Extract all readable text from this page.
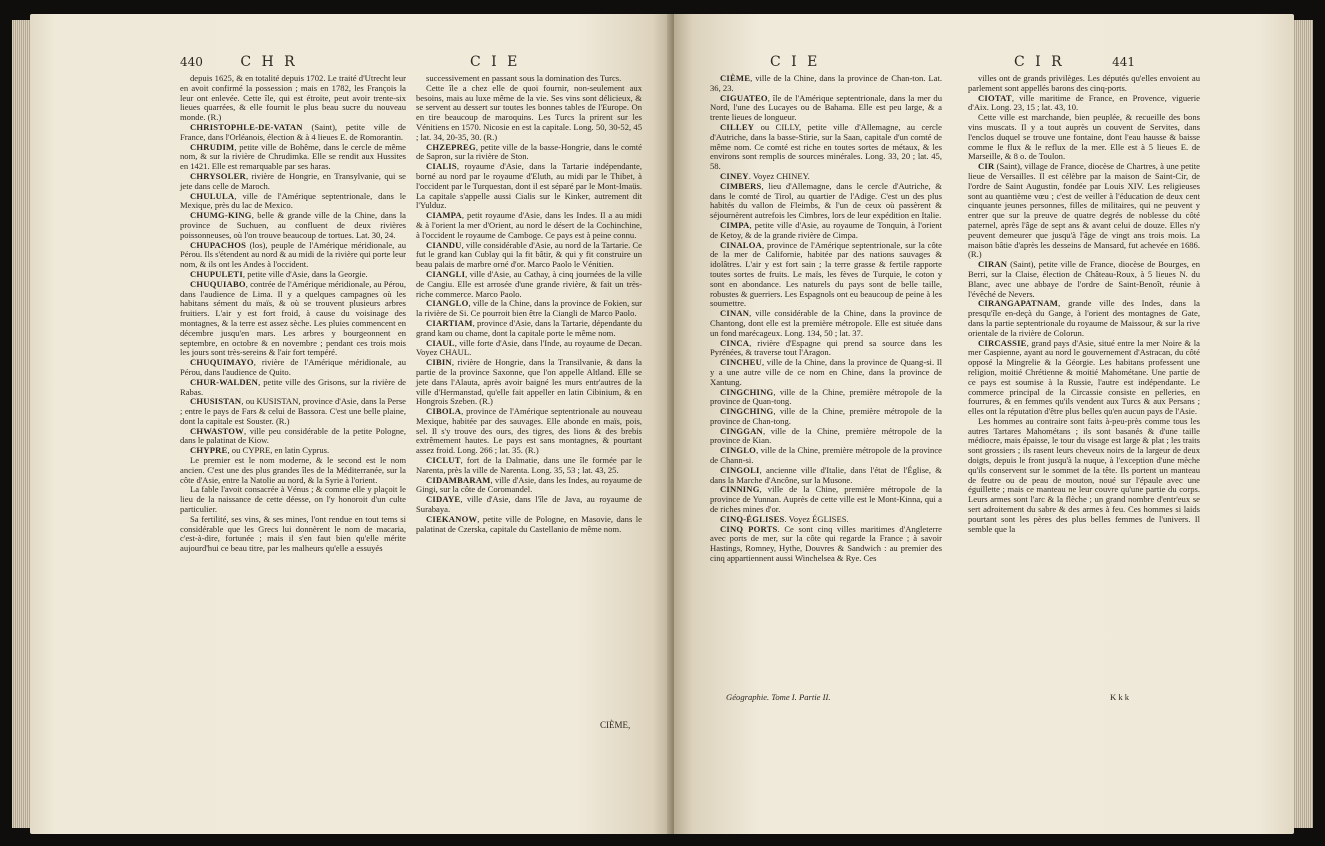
440	C H R	C I E

depuis 1625, & en totalité depuis 1702. Le traité d'Utrecht leur en avoit confirmé la possession ; mais en 1782, les François la leur ont enlevée. Cette île, qui est étroite, peut avoir trente-six lieues quarrées, & elle fournit le plus beau sucre du nouveau monde. (R.)

CHRISTOPHLE-DE-VATAN (Saint), petite ville de France, dans l'Orléanois, élection & à 4 lieues E. de Romorantin.

CHRUDIM, petite ville de Bohême, dans le cercle de même nom, & sur la rivière de Chrudimka. Elle se rendit aux Hussites en 1421. Elle est remarquable par ses haras.

CHRYSOLER, rivière de Hongrie, en Transylvanie, qui se jete dans celle de Maroch.

CHULULA, ville de l'Amérique septentrionale, dans le Mexique, près du lac de Mexico.

CHUMG-KING, belle & grande ville de la Chine, dans la province de Suchuen, au confluent de deux rivières poissonneuses, où l'on trouve beaucoup de tortues. Lat. 30, 24.

CHUPACHOS (los), peuple de l'Amérique méridionale, au Pérou. Ils s'étendent au nord & au midi de la rivière qui porte leur nom, & ils ont les Andes à l'occident.

CHUPULETI, petite ville d'Asie, dans la Georgie.

CHUQUIABO, contrée de l'Amérique méridionale, au Pérou, dans l'audience de Lima. Il y a quelques campagnes où les habitans sément du maïs, & où se trouvent plusieurs arbres fruitiers. L'air y est fort froid, à cause du voisinage des montagnes, & la terre est assez sèche. Les pluies commencent en décembre jusqu'en mars. Les arbres y bourgeonnent en septembre, en octobre & en novembre ; pendant ces trois mois les jours sont très-sereins & l'air fort tempéré.

CHUQUIMAYO, rivière de l'Amérique méridionale, au Pérou, dans l'audience de Quito.

CHUR-WALDEN, petite ville des Grisons, sur la rivière de Rabas.

CHUSISTAN, ou KUSISTAN, province d'Asie, dans la Perse ; entre le pays de Fars & celui de Bassora. C'est une belle plaine, dont la capitale est Souster. (R.)

CHWASTOW, ville peu considérable de la petite Pologne, dans le palatinat de Kiow.

CHYPRE, ou CYPRE, en latin Cyprus.

Le premier est le nom moderne, & le second est le nom ancien. C'est une des plus grandes îles de la Méditerranée, sur la côte d'Asie, entre la Natolie au nord, & la Syrie à l'orient.

La fable l'avoit consacrée à Vénus ; & comme elle y plaçoit le lieu de la naissance de cette déesse, on l'y honoroit d'un culte particulier.

Sa fertilité, ses vins, & ses mines, l'ont rendue en tout tems si considérable que les Grecs lui donnèrent le nom de macaria, c'est-à-dire, fortunée ; mais il s'en faut bien qu'elle mérite aujourd'hui ce beau titre, par les malheurs qu'elle a essuyés

successivement en passant sous la domination des Turcs.

Cette île a chez elle de quoi fournir, non-seulement aux besoins, mais au luxe même de la vie. Ses vins sont délicieux, & se servent au dessert sur toutes les bonnes tables de l'Europe. On en tire beaucoup de maroquins. Les Turcs la prirent sur les Vénitiens en 1570. Nicosie en est la capitale. Long. 50, 30-52, 45 ; lat. 34, 20-35, 30. (R.)

CHZEPREG, petite ville de la basse-Hongrie, dans le comté de Sapron, sur la rivière de Ston.

CIALIS, royaume d'Asie, dans la Tartarie indépendante, borné au nord par le royaume d'Eluth, au midi par le Thibet, à l'occident par le Turquestan, dont il est séparé par le Mont-Imaüs. La capitale s'appelle aussi Cialis sur le Kinker, autrement dit l'Yulduz.

CIAMPA, petit royaume d'Asie, dans les Indes. Il a au midi & à l'orient la mer d'Orient, au nord le désert de la Cochinchine, à l'occident le royaume de Camboge. Ce pays est à peine connu.

CIANDU, ville considérable d'Asie, au nord de la Tartarie. Ce fut le grand kan Cublay qui la fit bâtir, & qui y fit construire un beau palais de marbre orné d'or. Marco Paolo le Vénitien.

CIANGLI, ville d'Asie, au Cathay, à cinq journées de la ville de Cangiu. Elle est arrosée d'une grande rivière, & fait un très-riche commerce. Marco Paolo.

CIANGLO, ville de la Chine, dans la province de Fokien, sur la rivière de Si. Ce pourroit bien être la Ciangli de Marco Paolo.

CIARTIAM, province d'Asie, dans la Tartarie, dépendante du grand kam ou chame, dont la capitale porte le même nom.

CIAUL, ville forte d'Asie, dans l'Inde, au royaume de Decan. Voyez CHAUL.

CIBIN, rivière de Hongrie, dans la Transilvanie, & dans la partie de la province Saxonne, que l'on appelle Altland. Elle se jete dans l'Alauta, après avoir baigné les murs entr'autres de la ville d'Hermanstad, qu'elle fait appeller en latin Cibinium, & en Hongrois Szeben. (R.)

CIBOLA, province de l'Amérique septentrionale au nouveau Mexique, habitée par des sauvages. Elle abonde en maïs, pois, sel. Il s'y trouve des ours, des tigres, des lions & des brebis extrêmement hautes. Le pays est sans montagnes, & pourtant assez froid. Long. 266 ; lat. 35. (R.)

CICLUT, fort de la Dalmatie, dans une île formée par le Narenta, près la ville de Narenta. Long. 35, 53 ; lat. 43, 25.

CIDAMBARAM, ville d'Asie, dans les Indes, au royaume de Gingi, sur la côte de Coromandel.

CIDAYE, ville d'Asie, dans l'île de Java, au royaume de Surabaya.

CIEKANOW, petite ville de Pologne, en Masovie, dans le palatinat de Czerska, capitale du Castellanio de même nom.

CIÈME,
C I E	C I R	441

CIÈME, ville de la Chine, dans la province de Chan-ton. Lat. 36, 23.

CIGUATEO, île de l'Amérique septentrionale, dans la mer du Nord, l'une des Lucayes ou de Bahama. Elle est peu large, & a trente lieues de longueur.

CILLEY ou CILLY, petite ville d'Allemagne, au cercle d'Autriche, dans la basse-Stirie, sur la Saan, capitale d'un comté de même nom. Ce comté est riche en toutes sortes de métaux, & les environs sont remplis de sources minérales. Long. 33, 20 ; lat. 45, 58.

CINEY. Voyez CHINEY.

CIMBERS, lieu d'Allemagne, dans le cercle d'Autriche, & dans le comté de Tirol, au quartier de l'Adige. C'est un des plus habités du vallon de Fleimbs, & l'un de ceux où passèrent & séjournèrent autrefois les Cimbres, lors de leur expédition en Italie.

CIMPA, petite ville d'Asie, au royaume de Tonquin, à l'orient de Ketoy, & de la grande rivière de Cimpa.

CINALOA, province de l'Amérique septentrionale, sur la côte de la mer de Californie, habitée par des nations sauvages & idolâtres. L'air y est fort sain ; la terre grasse & fertile rapporte toutes sortes de fruits. Le maïs, les fèves de Turquie, le coton y sont en abondance. Les naturels du pays sont de belle taille, robustes & guerriers. Les Espagnols ont eu beaucoup de peine à les soumettre.

CINAN, ville considérable de la Chine, dans la province de Chantong, dont elle est la première métropole. Elle est située dans un fond marécageux. Long. 134, 50 ; lat. 37.

CINCA, rivière d'Espagne qui prend sa source dans les Pyrénées, & traverse tout l'Aragon.

CINCHEU, ville de la Chine, dans la province de Quang-si. Il y a une autre ville de ce nom en Chine, dans la province de Xantung.

CINGCHING, ville de la Chine, première métropole de la province de Quan-tong.

CINGCHING, ville de la Chine, première métropole de la province de Chan-tong.

CINGGAN, ville de la Chine, première métropole de la province de Kian.

CINGLO, ville de la Chine, première métropole de la province de Chann-si.

CINGOLI, ancienne ville d'Italie, dans l'état de l'Église, & dans la Marche d'Ancône, sur la Musone.

CINNING, ville de la Chine, première métropole de la province de Yunnan. Auprès de cette ville est le Mont-Kinna, qui a de riches mines d'or.

CINQ-ÉGLISES. Voyez ÉGLISES.

CINQ PORTS. Ce sont cinq villes maritimes d'Angleterre avec ports de mer, sur la côte qui regarde la France ; à savoir Hastings, Romney, Hythe, Douvres & Sandwich : au premier des cinq appartiennent aussi Winchelsea & Rye. Ces

villes ont de grands privilèges. Les députés qu'elles envoient au parlement sont appellés barons des cinq-ports.

CIOTAT, ville maritime de France, en Provence, viguerie d'Aix. Long. 23, 15 ; lat. 43, 10.

Cette ville est marchande, bien peuplée, & recueille des bons vins muscats. Il y a tout auprès un couvent de Servites, dans l'enclos duquel se trouve une fontaine, dont l'eau hausse & baisse comme le flux & le reflux de la mer. Elle est à 5 lieues E. de Marseille, & 8 o. de Toulon.

CIR (Saint), village de France, diocèse de Chartres, à une petite lieue de Versailles. Il est célèbre par la maison de Saint-Cir, de l'ordre de Saint Augustin, fondée par Louis XIV. Les religieuses sont au quantième vœu ; c'est de veiller à l'éducation de deux cent cinquante jeunes personnes, filles de militaires, qui ne peuvent y entrer que sur la preuve de quatre degrés de noblesse du côté paternel, après l'âge de sept ans & avant celui de douze. Elles n'y peuvent demeurer que jusqu'à l'âge de vingt ans trois mois. La maison bâtie d'après les desseins de Mansard, fut achevée en 1686. (R.)

CIRAN (Saint), petite ville de France, diocèse de Bourges, en Berri, sur la Claise, élection de Château-Roux, à 5 lieues N. du Blanc, avec une abbaye de l'ordre de Saint-Benoît, réunie à l'évêché de Nevers.

CIRANGAPATNAM, grande ville des Indes, dans la presqu'île en-deçà du Gange, à l'orient des montagnes de Gate, dans la partie septentrionale du royaume de Maissour, & sur la rive orientale de la rivière de Colorun.

CIRCASSIE, grand pays d'Asie, situé entre la mer Noire & la mer Caspienne, ayant au nord le gouvernement d'Astracan, du côté opposé la Mingrelie & la Géorgie. Les habitans professent une religion, moitié Chrétienne & moitié Mahométane. Une partie de ce pays est soumise à la Russie, l'autre est indépendante. Le commerce principal de la Circassie consiste en pelleries, en fourrures, & en femmes qu'ils vendent aux Turcs & aux Persans ; elles ont la réputation d'être plus belles qu'en aucun pays de l'Asie.

Les hommes au contraire sont faits à-peu-près comme tous les autres Tartares Mahométans ; ils sont basanés & d'une taille médiocre, mais épaisse, le tour du visage est large & plat ; les traits sont grossiers ; ils rasent leurs cheveux noirs de la largeur de deux doigts, depuis le front jusqu'à la nuque, à l'exception d'une mèche qu'ils conservent sur le sommet de la tête. Ils portent un manteau de feutre ou de peau de mouton, noué sur l'épaule avec une éguillette ; mais ce manteau ne leur couvre qu'une partie du corps. Leurs armes sont l'arc & la flèche ; un grand nombre d'entr'eux se sert adroitement du sabre & des armes à feu. Ces hommes si laids pourtant sont les pères des plus belles femmes de l'univers. Il semble que la

Géographie. Tome I. Partie II.	K k k
